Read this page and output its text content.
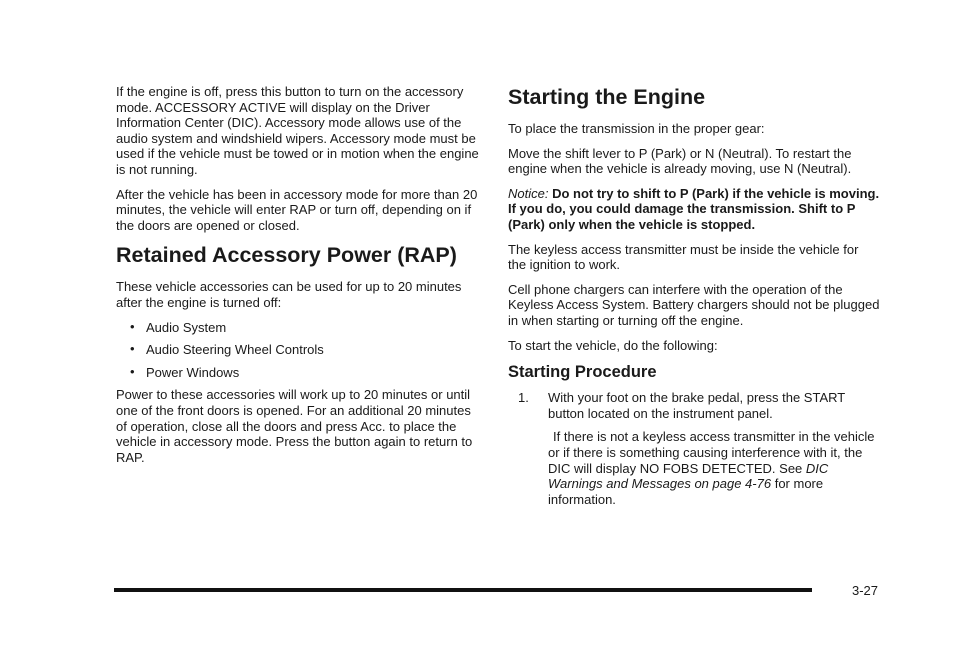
If the engine is off, press this button to turn on the accessory mode. ACCESSORY ACTIVE will display on the Driver Information Center (DIC). Accessory mode allows use of the audio system and windshield wipers. Accessory mode must be used if the vehicle must be towed or in motion when the engine is not running.

After the vehicle has been in accessory mode for more than 20 minutes, the vehicle will enter RAP or turn off, depending on if the doors are opened or closed.

Retained Accessory Power (RAP)

These vehicle accessories can be used for up to 20 minutes after the engine is turned off:

• Audio System
• Audio Steering Wheel Controls
• Power Windows

Power to these accessories will work up to 20 minutes or until one of the front doors is opened. For an additional 20 minutes of operation, close all the doors and press Acc. to place the vehicle in accessory mode. Press the button again to return to RAP.

Starting the Engine

To place the transmission in the proper gear:

Move the shift lever to P (Park) or N (Neutral). To restart the engine when the vehicle is already moving, use N (Neutral).

Notice: Do not try to shift to P (Park) if the vehicle is moving. If you do, you could damage the transmission. Shift to P (Park) only when the vehicle is stopped.

The keyless access transmitter must be inside the vehicle for the ignition to work.

Cell phone chargers can interfere with the operation of the Keyless Access System. Battery chargers should not be plugged in when starting or turning off the engine.

To start the vehicle, do the following:

Starting Procedure
1. With your foot on the brake pedal, press the START button located on the instrument panel.

If there is not a keyless access transmitter in the vehicle or if there is something causing interference with it, the DIC will display NO FOBS DETECTED. See DIC Warnings and Messages on page 4-76 for more information.

3-27
